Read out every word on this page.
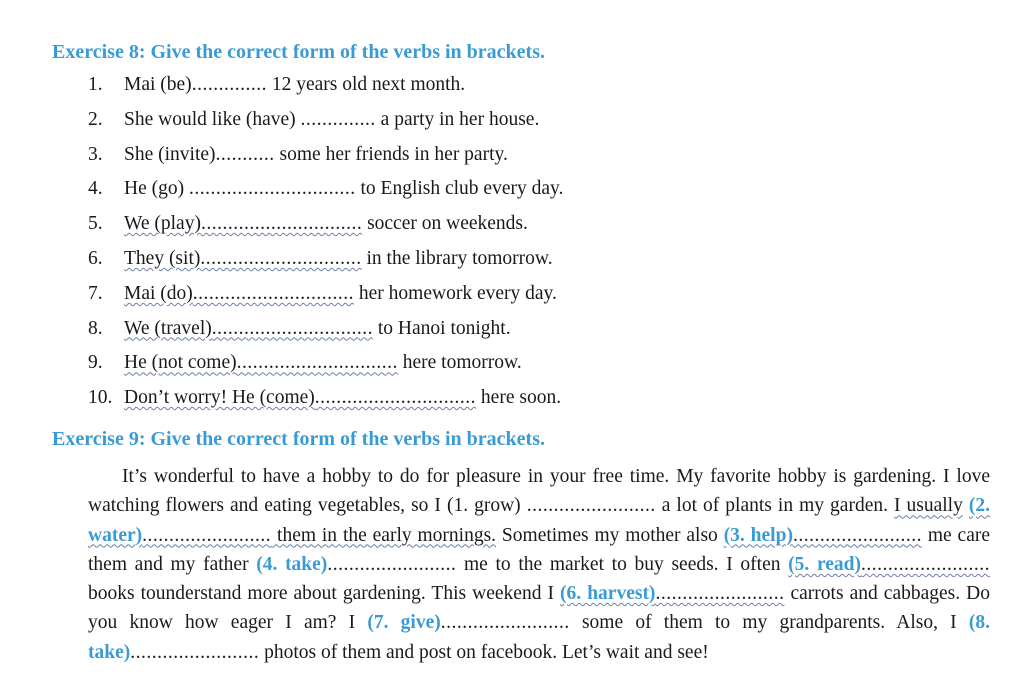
Exercise 8: Give the correct form of the verbs in brackets.
1.	Mai (be).............. 12 years old next month.
2.	She would like (have) .............. a party in her house.
3.	She (invite)........... some her friends in her party.
4.	He (go) ............................... to English club every day.
5.	We (play).............................. soccer on weekends.
6.	They (sit).............................. in the library tomorrow.
7.	Mai (do).............................. her homework every day.
8.	We (travel).............................. to Hanoi tonight.
9.	He (not come).............................. here tomorrow.
10. Don’t worry! He (come).............................. here soon.
Exercise 9: Give the correct form of the verbs in brackets.
It’s wonderful to have a hobby to do for pleasure in your free time. My favorite hobby is gardening. I love watching flowers and eating vegetables, so I (1. grow) ........................ a lot of plants in my garden. I usually (2. water)........................ them in the early mornings. Sometimes my mother also (3. help)........................ me care them and my father (4. take)........................ me to the market to buy seeds. I often (5. read)........................ books tounderstand more about gardening. This weekend I (6. harvest)........................ carrots and cabbages. Do you know how eager I am? I (7. give)........................ some of them to my grandparents. Also, I (8. take)........................ photos of them and post on facebook. Let’s wait and see!
